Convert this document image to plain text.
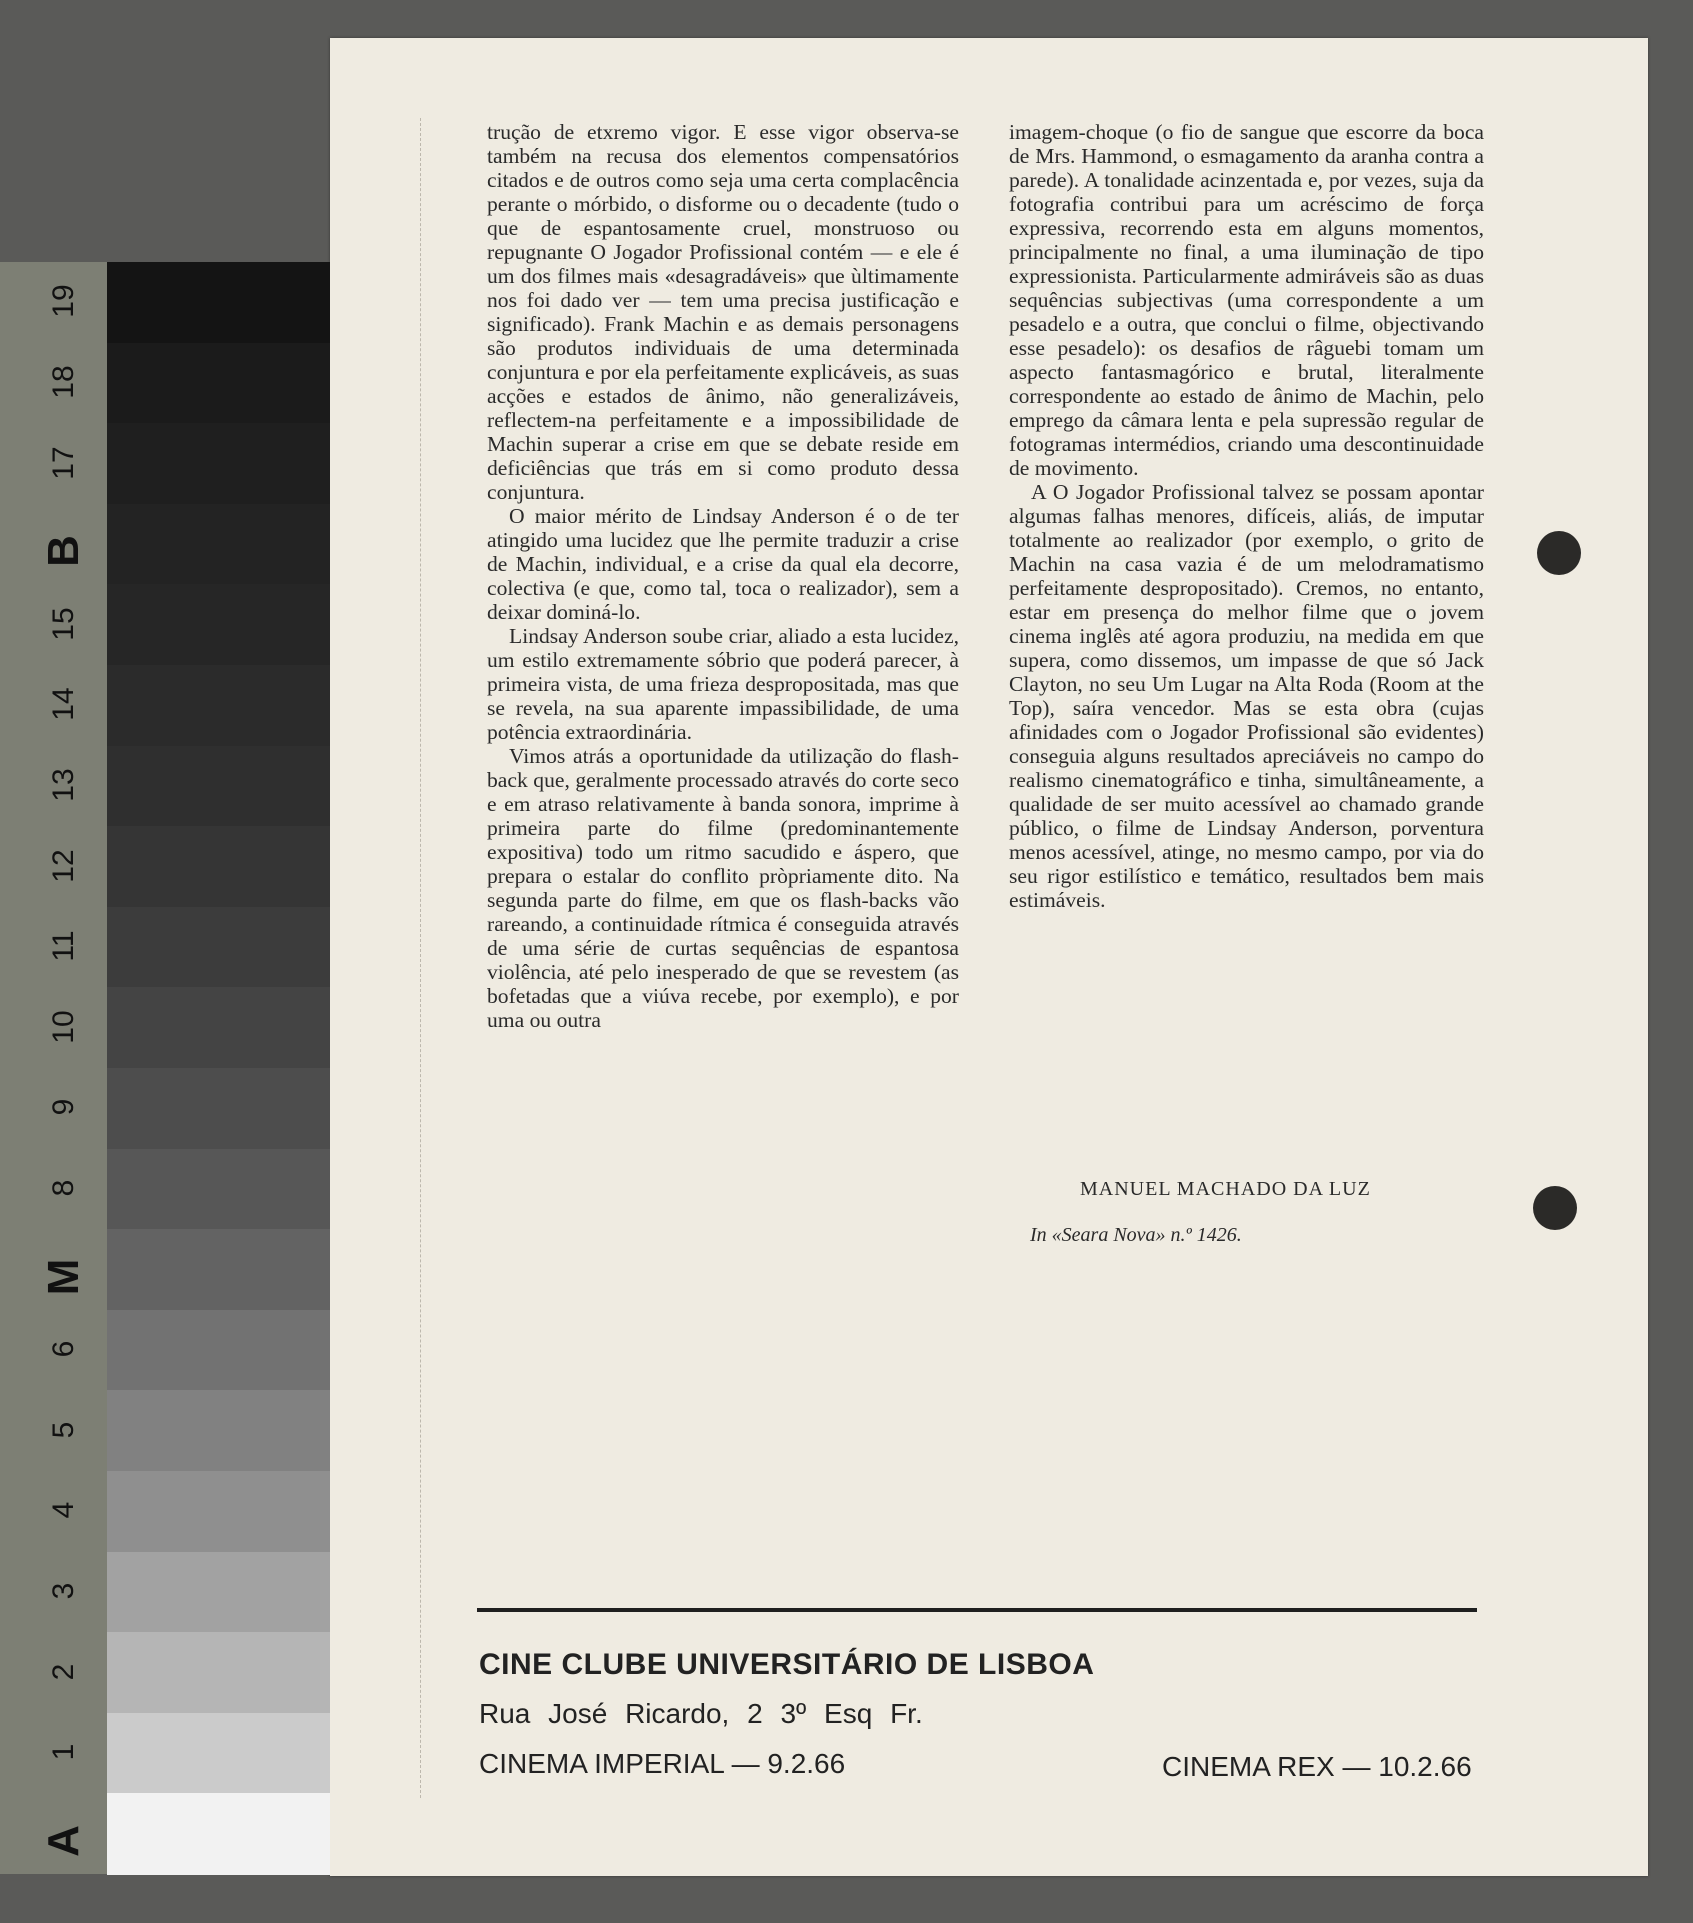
19
18
17
B
15
14
13
12
11
10
9
8
M
6
5
4
3
2
1
A

trução de etxremo vigor. E esse vigor observa-se também na recusa dos elementos compensatórios citados e de outros como seja uma certa complacência perante o mórbido, o disforme ou o decadente (tudo o que de espantosamente cruel, monstruoso ou repugnante O Jogador Profissional contém — e ele é um dos filmes mais «desagradáveis» que ùltimamente nos foi dado ver — tem uma precisa justificação e significado). Frank Machin e as demais personagens são produtos individuais de uma determinada conjuntura e por ela perfeitamente explicáveis, as suas acções e estados de ânimo, não generalizáveis, reflectem-na perfeitamente e a impossibilidade de Machin superar a crise em que se debate reside em deficiências que trás em si como produto dessa conjuntura.

O maior mérito de Lindsay Anderson é o de ter atingido uma lucidez que lhe permite traduzir a crise de Machin, individual, e a crise da qual ela decorre, colectiva (e que, como tal, toca o realizador), sem a deixar dominá-lo.

Lindsay Anderson soube criar, aliado a esta lucidez, um estilo extremamente sóbrio que poderá parecer, à primeira vista, de uma frieza despropositada, mas que se revela, na sua aparente impassibilidade, de uma potência extraordinária.

Vimos atrás a oportunidade da utilização do flash-back que, geralmente processado através do corte seco e em atraso relativamente à banda sonora, imprime à primeira parte do filme (predominantemente expositiva) todo um ritmo sacudido e áspero, que prepara o estalar do conflito pròpriamente dito. Na segunda parte do filme, em que os flash-backs vão rareando, a continuidade rítmica é conseguida através de uma série de curtas sequências de espantosa violência, até pelo inesperado de que se revestem (as bofetadas que a viúva recebe, por exemplo), e por uma ou outra

imagem-choque (o fio de sangue que escorre da boca de Mrs. Hammond, o esmagamento da aranha contra a parede). A tonalidade acinzentada e, por vezes, suja da fotografia contribui para um acréscimo de força expressiva, recorrendo esta em alguns momentos, principalmente no final, a uma iluminação de tipo expressionista. Particularmente admiráveis são as duas sequências subjectivas (uma correspondente a um pesadelo e a outra, que conclui o filme, objectivando esse pesadelo): os desafios de râguebi tomam um aspecto fantasmagórico e brutal, literalmente correspondente ao estado de ânimo de Machin, pelo emprego da câmara lenta e pela supressão regular de fotogramas intermédios, criando uma descontinuidade de movimento.

A O Jogador Profissional talvez se possam apontar algumas falhas menores, difíceis, aliás, de imputar totalmente ao realizador (por exemplo, o grito de Machin na casa vazia é de um melodramatismo perfeitamente despropositado). Cremos, no entanto, estar em presença do melhor filme que o jovem cinema inglês até agora produziu, na medida em que supera, como dissemos, um impasse de que só Jack Clayton, no seu Um Lugar na Alta Roda (Room at the Top), saíra vencedor. Mas se esta obra (cujas afinidades com o Jogador Profissional são evidentes) conseguia alguns resultados apreciáveis no campo do realismo cinematográfico e tinha, simultâneamente, a qualidade de ser muito acessível ao chamado grande público, o filme de Lindsay Anderson, porventura menos acessível, atinge, no mesmo campo, por via do seu rigor estilístico e temático, resultados bem mais estimáveis.

MANUEL MACHADO DA LUZ
In «Seara Nova» n.º 1426.
CINE CLUBE UNIVERSITÁRIO DE LISBOA
Rua José Ricardo, 2 3º Esq Fr.
CINEMA IMPERIAL — 9.2.66	CINEMA REX — 10.2.66
